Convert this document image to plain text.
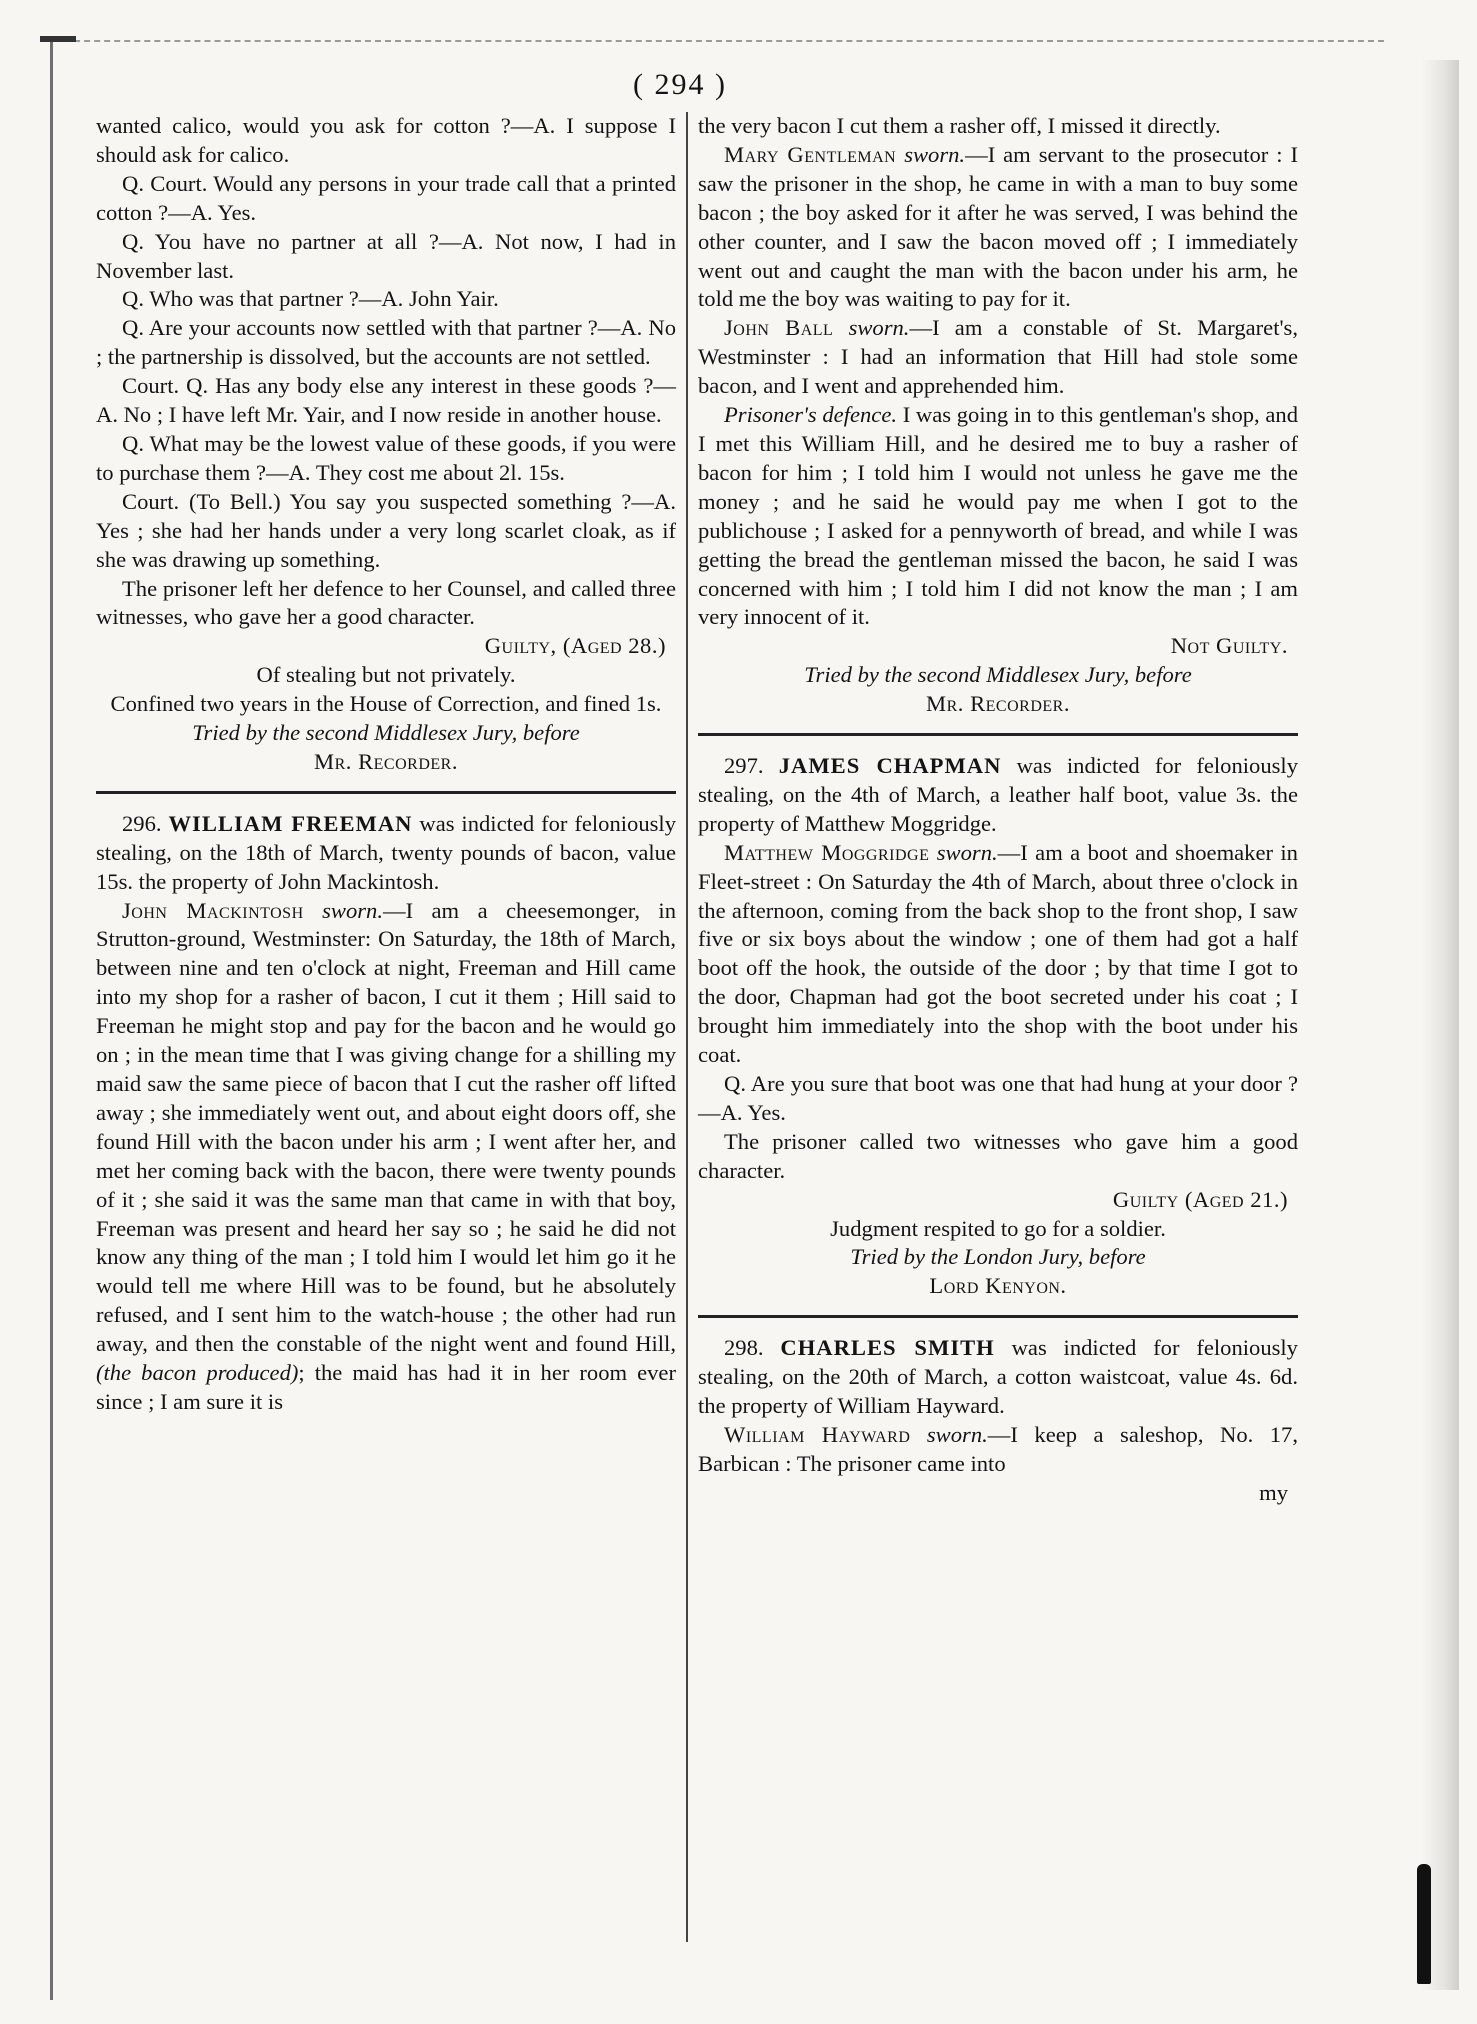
( 294 )

wanted calico, would you ask for cotton ?—A. I suppose I should ask for calico.

Q. Court. Would any persons in your trade call that a printed cotton ?—A. Yes.

Q. You have no partner at all ?—A. Not now, I had in November last.

Q. Who was that partner ?—A. John Yair.

Q. Are your accounts now settled with that partner ?—A. No ; the partnership is dissolved, but the accounts are not settled.

Court. Q. Has any body else any interest in these goods ?—A. No ; I have left Mr. Yair, and I now reside in another house.

Q. What may be the lowest value of these goods, if you were to purchase them ?—A. They cost me about 2l. 15s.

Court. (To Bell.) You say you suspected something ?—A. Yes ; she had her hands under a very long scarlet cloak, as if she was drawing up something.

The prisoner left her defence to her Counsel, and called three witnesses, who gave her a good character.

Guilty, (Aged 28.)

Of stealing but not privately.

Confined two years in the House of Correction, and fined 1s.

Tried by the second Middlesex Jury, before

Mr. Recorder.

296. WILLIAM FREEMAN was indicted for feloniously stealing, on the 18th of March, twenty pounds of bacon, value 15s. the property of John Mackintosh.

John Mackintosh sworn.—I am a cheesemonger, in Strutton-ground, Westminster: On Saturday, the 18th of March, between nine and ten o'clock at night, Freeman and Hill came into my shop for a rasher of bacon, I cut it them ; Hill said to Freeman he might stop and pay for the bacon and he would go on ; in the mean time that I was giving change for a shilling my maid saw the same piece of bacon that I cut the rasher off lifted away ; she immediately went out, and about eight doors off, she found Hill with the bacon under his arm ; I went after her, and met her coming back with the bacon, there were twenty pounds of it ; she said it was the same man that came in with that boy, Freeman was present and heard her say so ; he said he did not know any thing of the man ; I told him I would let him go it he would tell me where Hill was to be found, but he absolutely refused, and I sent him to the watch-house ; the other had run away, and then the constable of the night went and found Hill, (the bacon produced); the maid has had it in her room ever since ; I am sure it is

the very bacon I cut them a rasher off, I missed it directly.

Mary Gentleman sworn.—I am servant to the prosecutor : I saw the prisoner in the shop, he came in with a man to buy some bacon ; the boy asked for it after he was served, I was behind the other counter, and I saw the bacon moved off ; I immediately went out and caught the man with the bacon under his arm, he told me the boy was waiting to pay for it.

John Ball sworn.—I am a constable of St. Margaret's, Westminster : I had an information that Hill had stole some bacon, and I went and apprehended him.

Prisoner's defence. I was going in to this gentleman's shop, and I met this William Hill, and he desired me to buy a rasher of bacon for him ; I told him I would not unless he gave me the money ; and he said he would pay me when I got to the publichouse ; I asked for a pennyworth of bread, and while I was getting the bread the gentleman missed the bacon, he said I was concerned with him ; I told him I did not know the man ; I am very innocent of it.

Not Guilty.

Tried by the second Middlesex Jury, before

Mr. Recorder.

297. JAMES CHAPMAN was indicted for feloniously stealing, on the 4th of March, a leather half boot, value 3s. the property of Matthew Moggridge.

Matthew Moggridge sworn.—I am a boot and shoemaker in Fleet-street : On Saturday the 4th of March, about three o'clock in the afternoon, coming from the back shop to the front shop, I saw five or six boys about the window ; one of them had got a half boot off the hook, the outside of the door ; by that time I got to the door, Chapman had got the boot secreted under his coat ; I brought him immediately into the shop with the boot under his coat.

Q. Are you sure that boot was one that had hung at your door ?—A. Yes.

The prisoner called two witnesses who gave him a good character.

Guilty (Aged 21.)

Judgment respited to go for a soldier.

Tried by the London Jury, before

Lord Kenyon.

298. CHARLES SMITH was indicted for feloniously stealing, on the 20th of March, a cotton waistcoat, value 4s. 6d. the property of William Hayward.

William Hayward sworn.—I keep a saleshop, No. 17, Barbican : The prisoner came into

my
